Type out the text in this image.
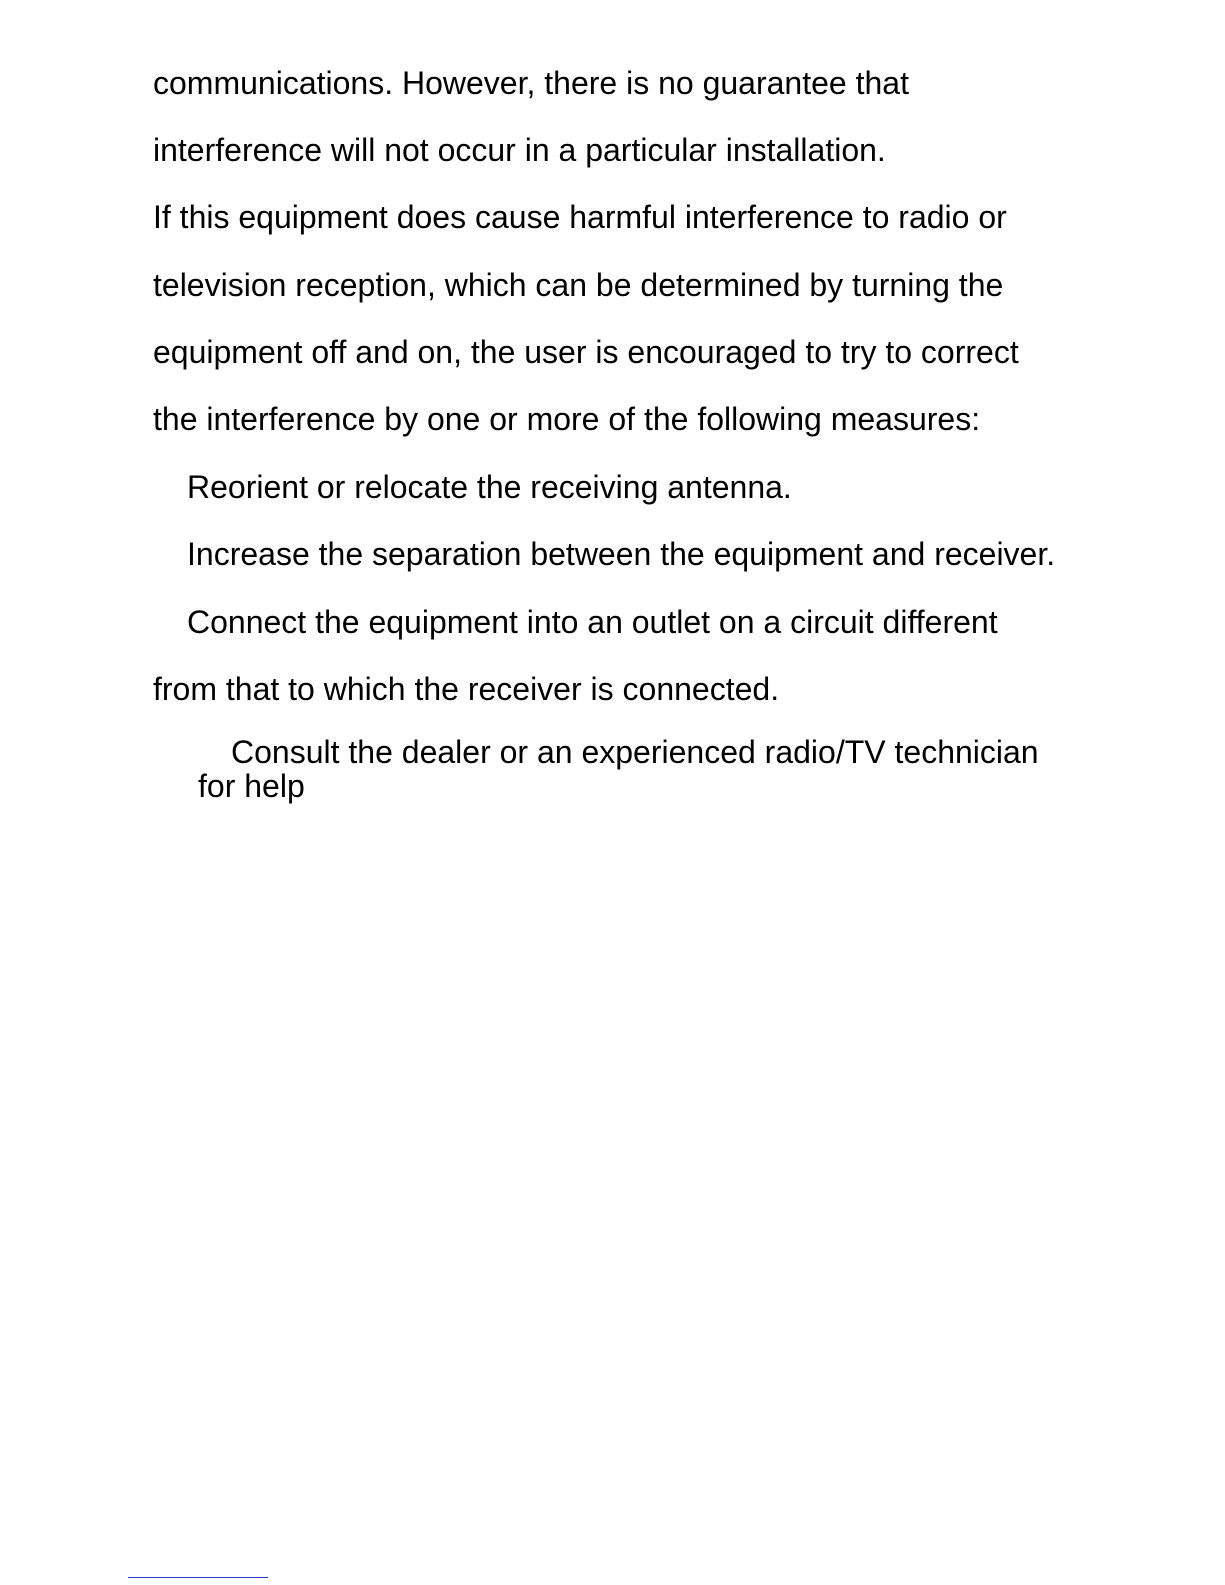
communications. However, there is no guarantee that
interference will not occur in a particular installation.
If this equipment does cause harmful interference to radio or
television reception, which can be determined by turning the
equipment off and on, the user is encouraged to try to correct
the interference by one or more of the following measures:
Reorient or relocate the receiving antenna.
Increase the separation between the equipment and receiver.
Connect the equipment into an outlet on a circuit different
from that to which the receiver is connected.
Consult the dealer or an experienced radio/TV technician
for help
